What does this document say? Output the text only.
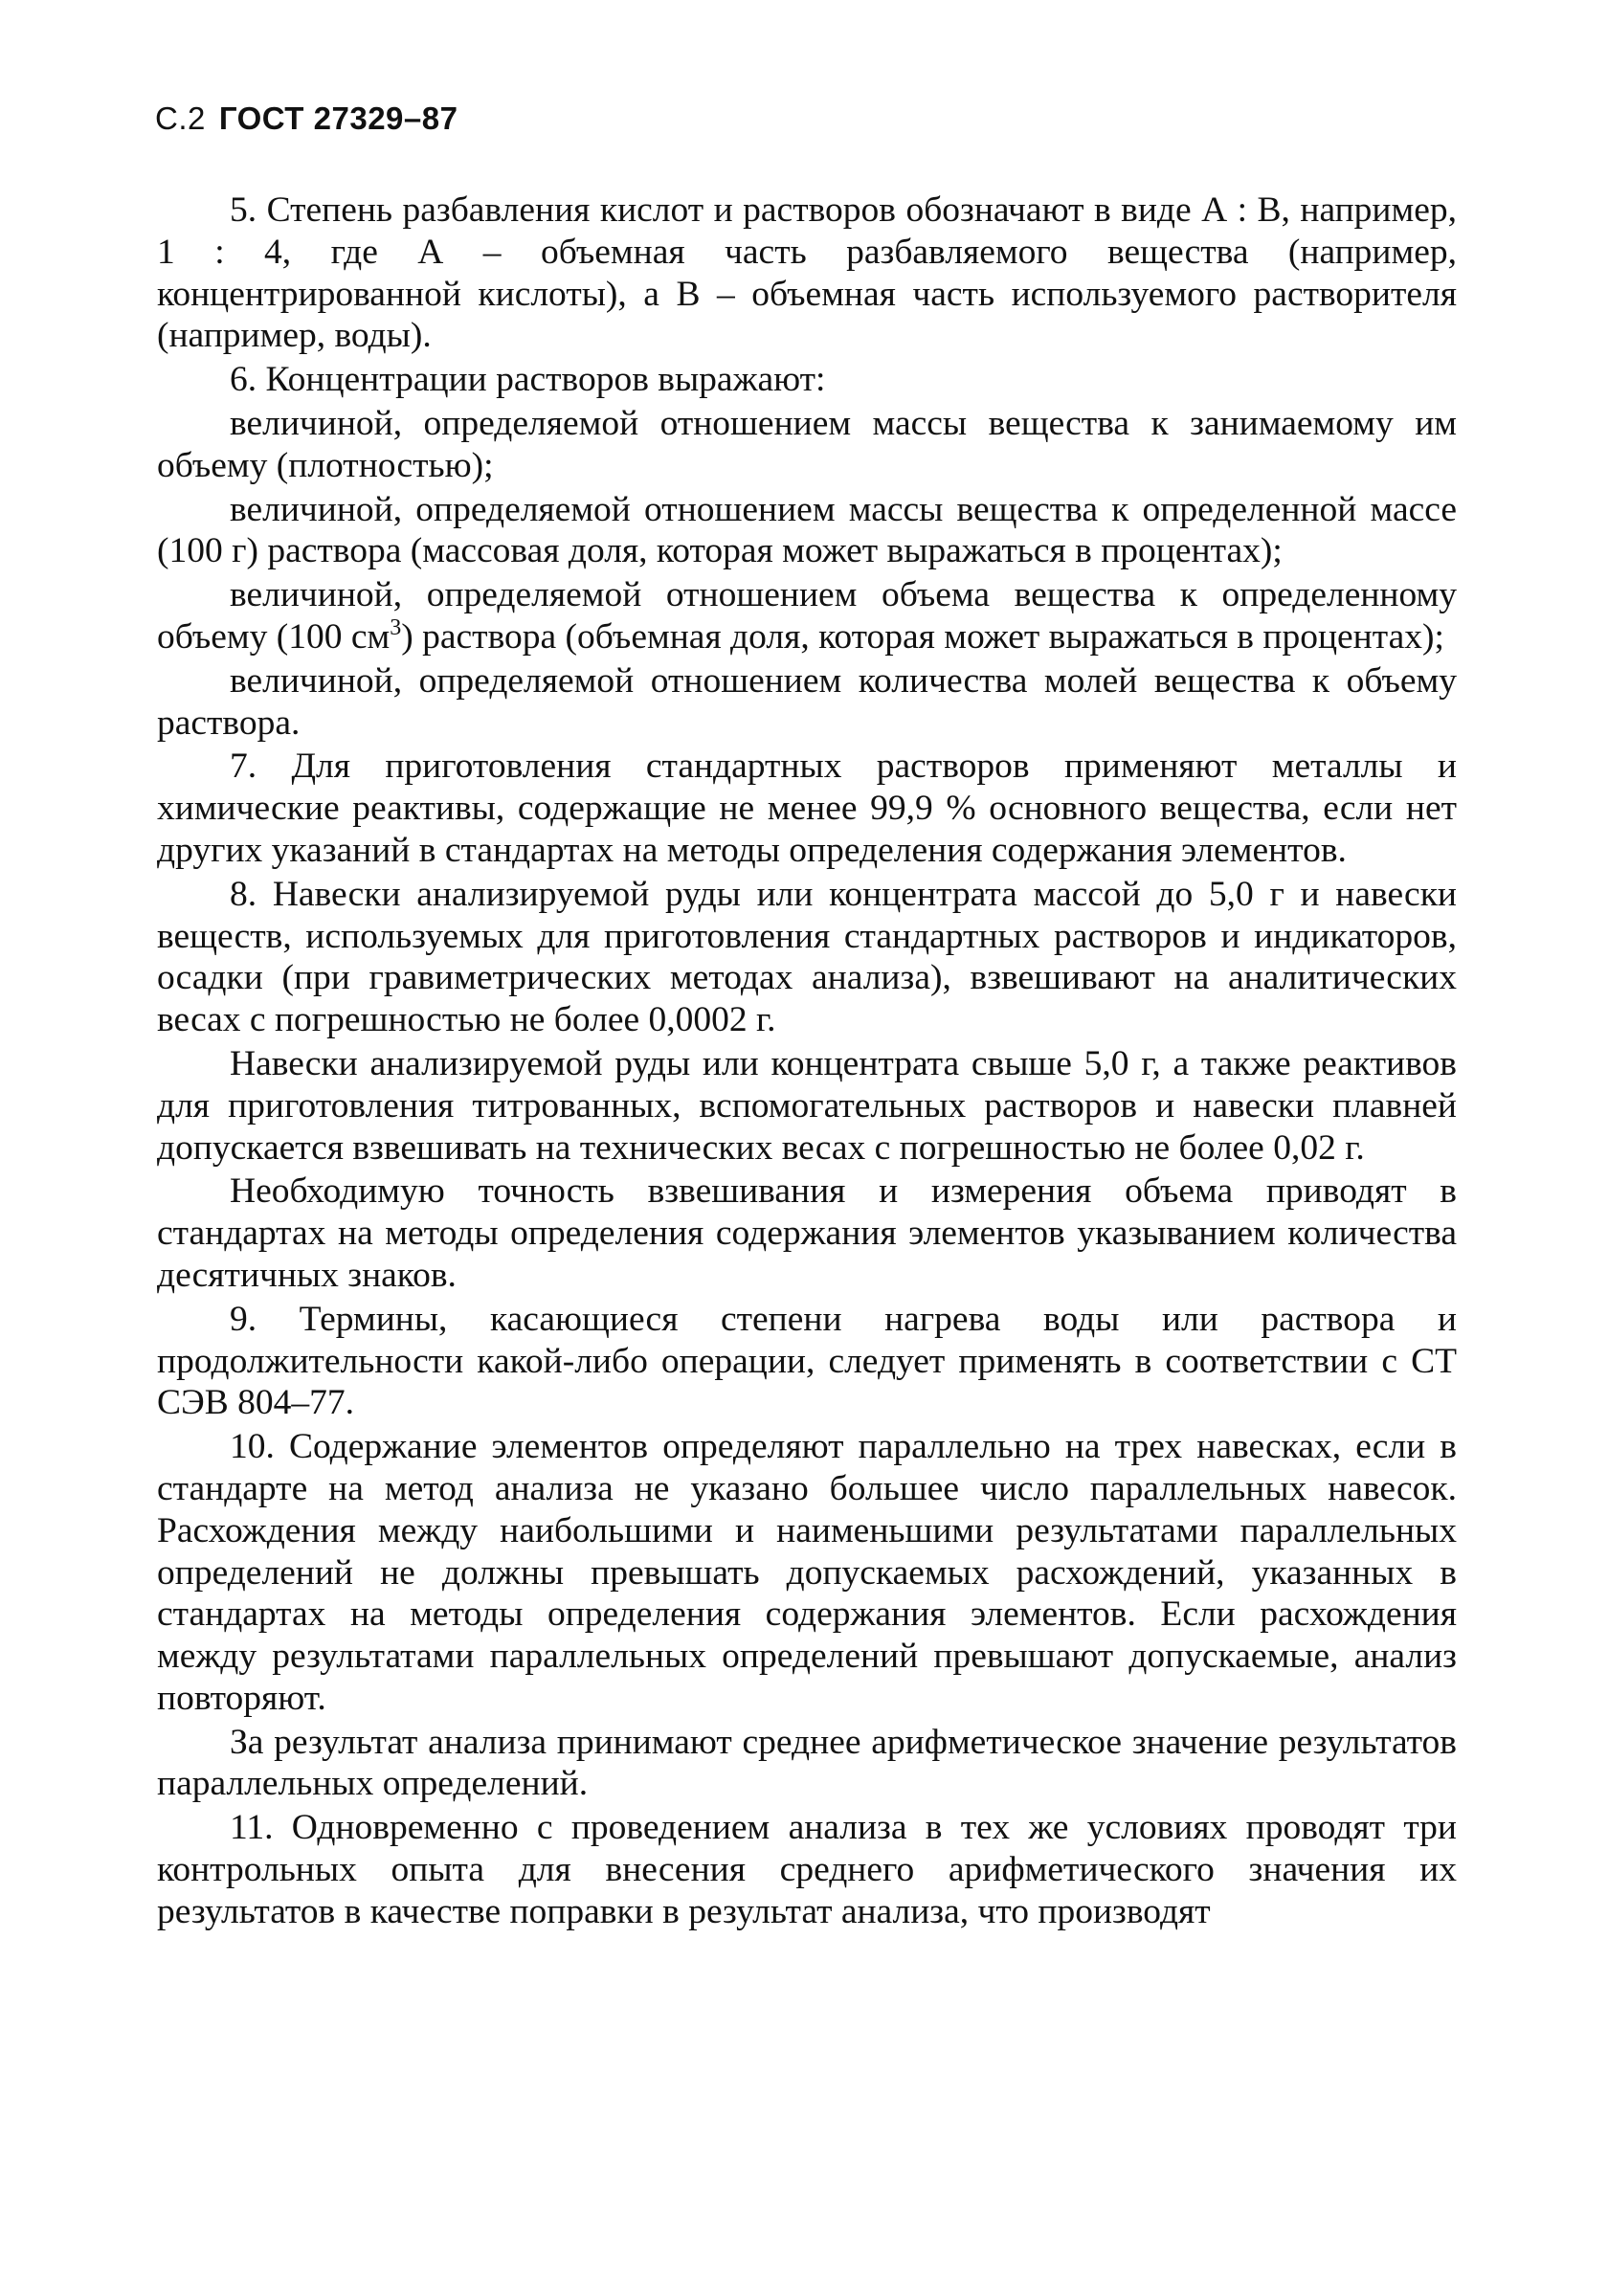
С.2 ГОСТ 27329–87

5. Степень разбавления кислот и растворов обозначают в виде А : В, например, 1 : 4, где А – объемная часть разбавляемого вещества (например, концентрированной кислоты), а В – объемная часть используемого растворителя (например, воды).

6. Концентрации растворов выражают:

величиной, определяемой отношением массы вещества к занимаемому им объему (плотностью);

величиной, определяемой отношением массы вещества к определенной массе (100 г) раствора (массовая доля, которая может выражаться в процентах);

величиной, определяемой отношением объема вещества к определенному объему (100 $см^3$) раствора (объемная доля, которая может выражаться в процентах);

величиной, определяемой отношением количества молей вещества к объему раствора.

7. Для приготовления стандартных растворов применяют металлы и химические реактивы, содержащие не менее 99,9 % основного вещества, если нет других указаний в стандартах на методы определения содержания элементов.

8. Навески анализируемой руды или концентрата массой до 5,0 г и навески веществ, используемых для приготовления стандартных растворов и индикаторов, осадки (при гравиметрических методах анализа), взвешивают на аналитических весах с погрешностью не более 0,0002 г.

Навески анализируемой руды или концентрата свыше 5,0 г, а также реактивов для приготовления титрованных, вспомогательных растворов и навески плавней допускается взвешивать на технических весах с погрешностью не более 0,02 г.

Необходимую точность взвешивания и измерения объема приводят в стандартах на методы определения содержания элементов указыванием количества десятичных знаков.

9. Термины, касающиеся степени нагрева воды или раствора и продолжительности какой-либо операции, следует применять в соответствии с СТ СЭВ 804–77.

10. Содержание элементов определяют параллельно на трех навесках, если в стандарте на метод анализа не указано большее число параллельных навесок. Расхождения между наибольшими и наименьшими результатами параллельных определений не должны превышать допускаемых расхождений, указанных в стандартах на методы определения содержания элементов. Если расхождения между результатами параллельных определений превышают допускаемые, анализ повторяют.

За результат анализа принимают среднее арифметическое значение результатов параллельных определений.

11. Одновременно с проведением анализа в тех же условиях проводят три контрольных опыта для внесения среднего арифметического значения их результатов в качестве поправки в результат анализа, что производят
